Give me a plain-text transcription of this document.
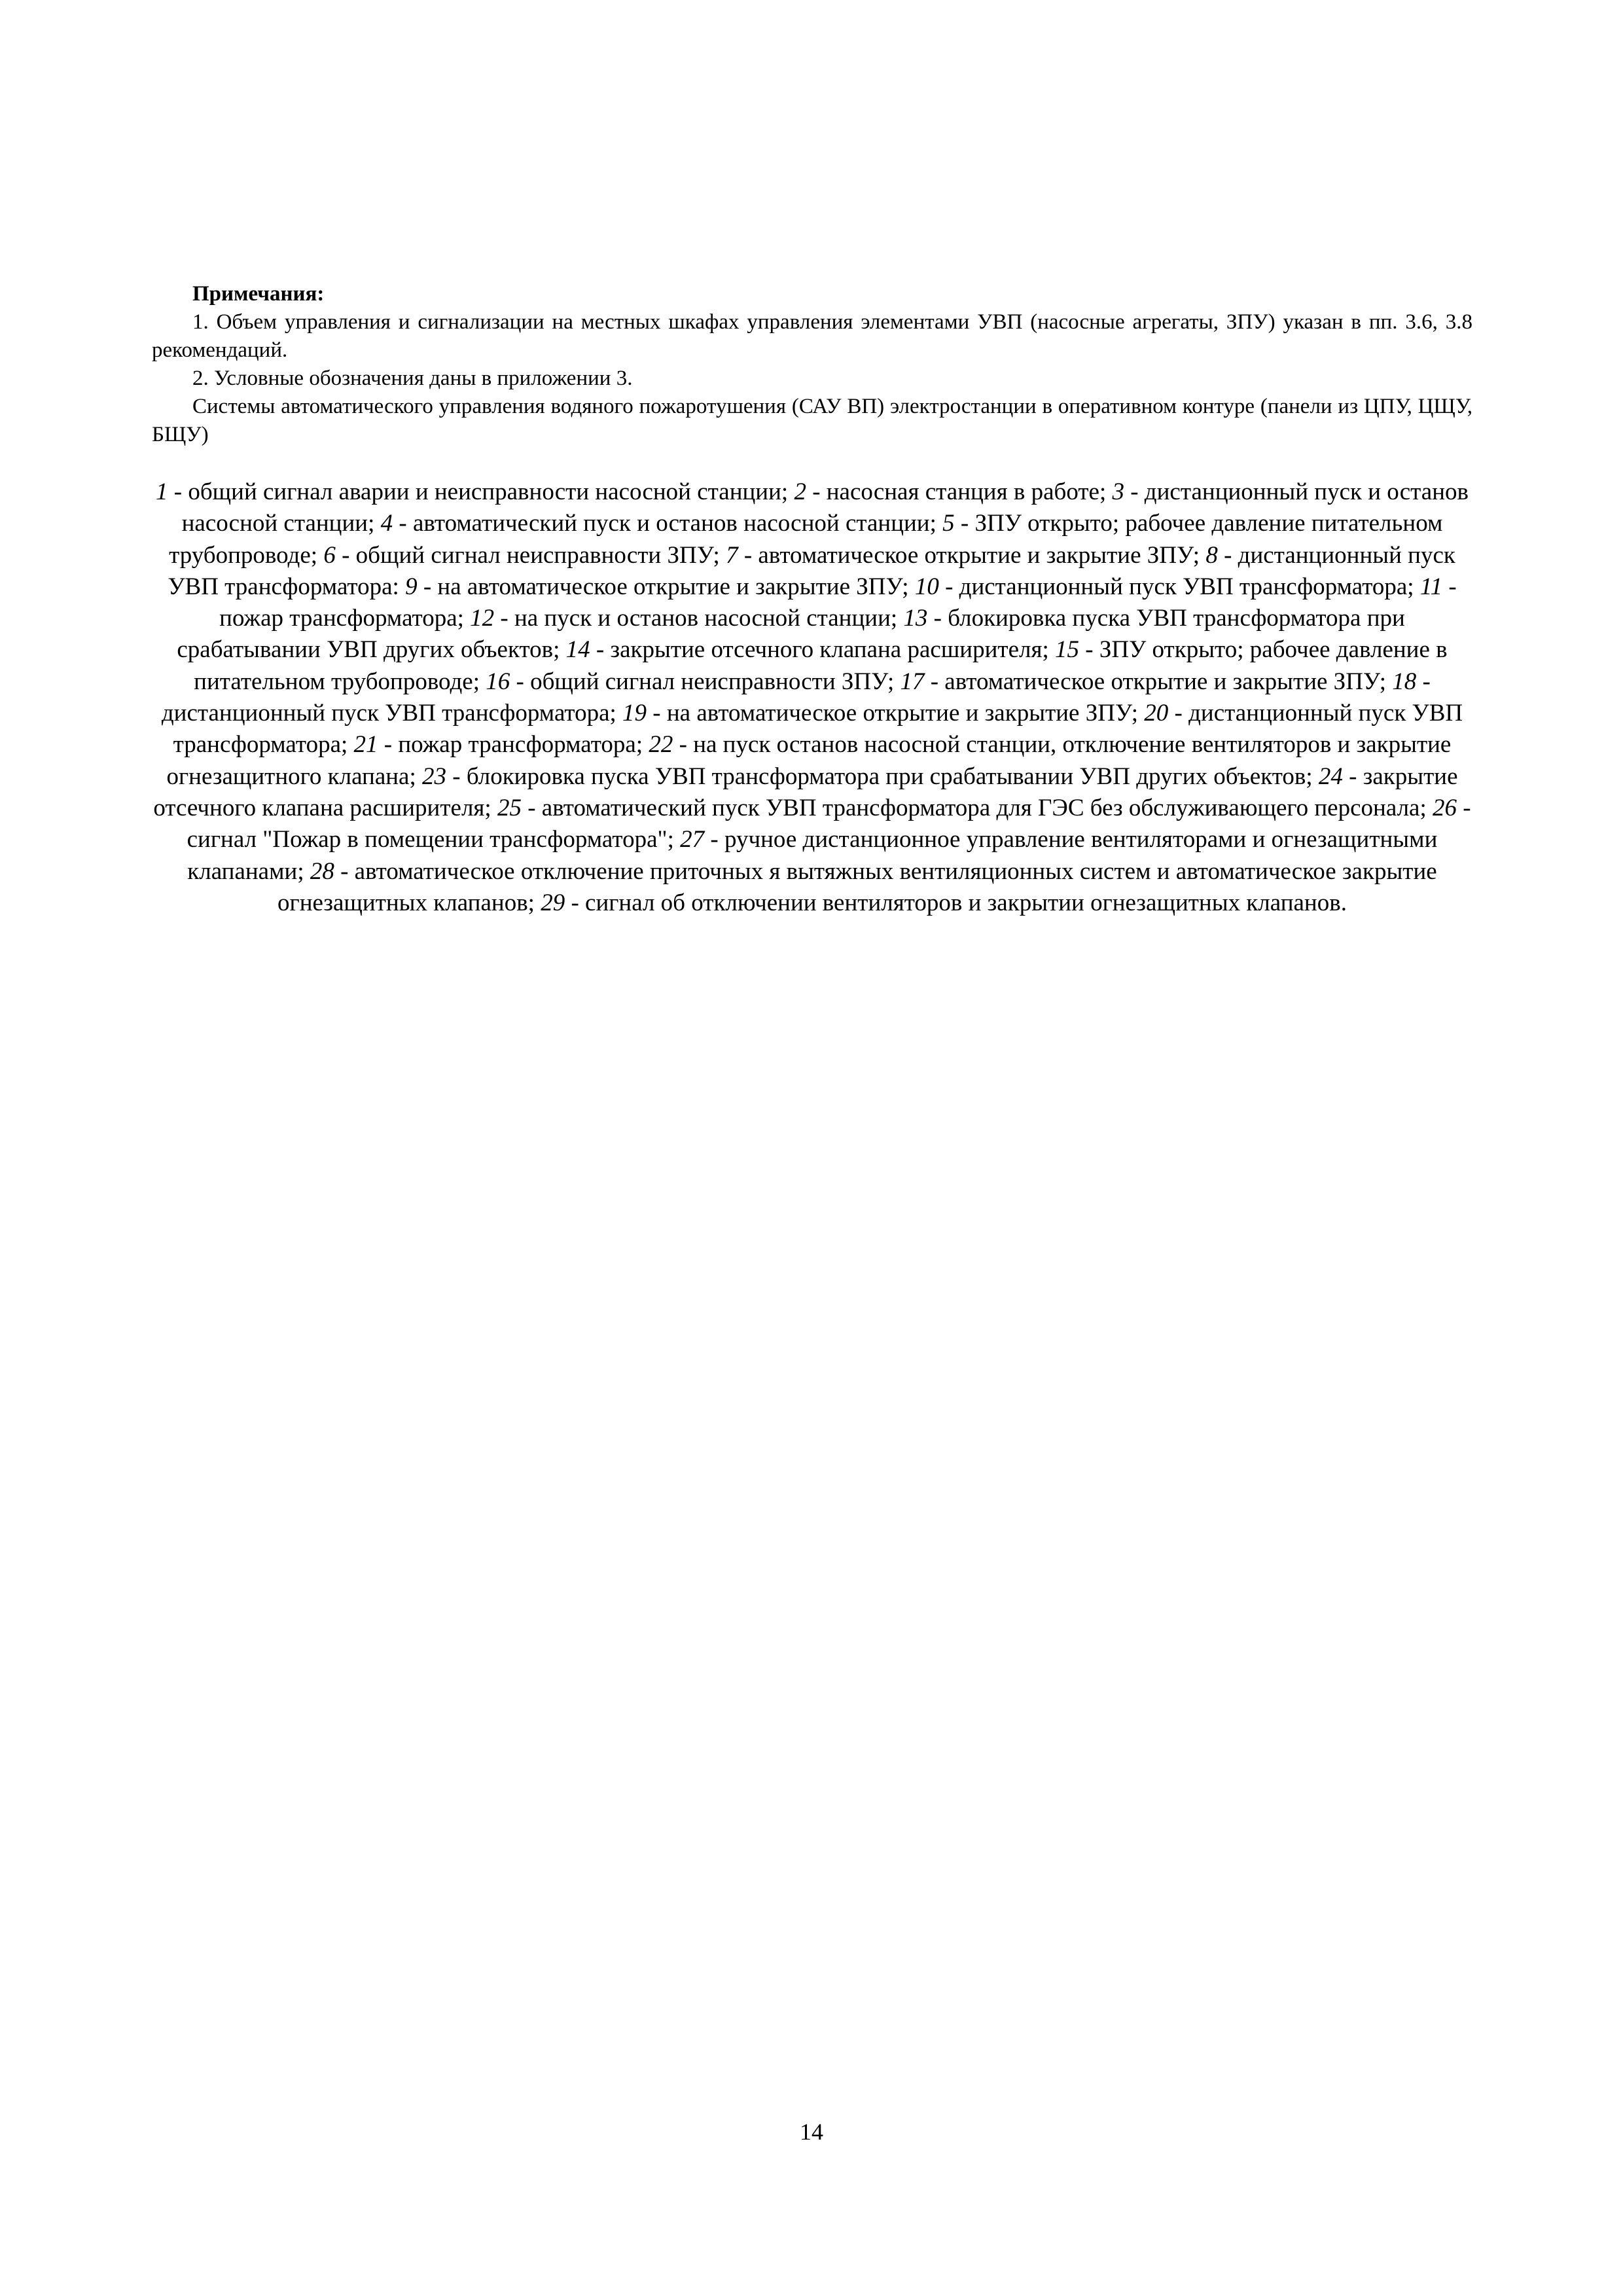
Примечания:
1. Объем управления и сигнализации на местных шкафах управления элементами УВП (насосные агрегаты, ЗПУ) указан в пп. 3.6, 3.8 рекомендаций.
2. Условные обозначения даны в приложении 3.
Системы автоматического управления водяного пожаротушения (САУ ВП) электростанции в оперативном контуре (панели из ЦПУ, ЦЩУ, БЩУ)
1 - общий сигнал аварии и неисправности насосной станции; 2 - насосная станция в работе; 3 - дистанционный пуск и останов насосной станции; 4 - автоматический пуск и останов насосной станции; 5 - ЗПУ открыто; рабочее давление питательном трубопроводе; 6 - общий сигнал неисправности ЗПУ; 7 - автоматическое открытие и закрытие ЗПУ; 8 - дистанционный пуск УВП трансформатора: 9 - на автоматическое открытие и закрытие ЗПУ; 10 - дистанционный пуск УВП трансформатора; 11 - пожар трансформатора; 12 - на пуск и останов насосной станции; 13 - блокировка пуска УВП трансформатора при срабатывании УВП других объектов; 14 - закрытие отсечного клапана расширителя; 15 - ЗПУ открыто; рабочее давление в питательном трубопроводе; 16 - общий сигнал неисправности ЗПУ; 17 - автоматическое открытие и закрытие ЗПУ; 18 - дистанционный пуск УВП трансформатора; 19 - на автоматическое открытие и закрытие ЗПУ; 20 - дистанционный пуск УВП трансформатора; 21 - пожар трансформатора; 22 - на пуск останов насосной станции, отключение вентиляторов и закрытие огнезащитного клапана; 23 - блокировка пуска УВП трансформатора при срабатывании УВП других объектов; 24 - закрытие отсечного клапана расширителя; 25 - автоматический пуск УВП трансформатора для ГЭС без обслуживающего персонала; 26 - сигнал "Пожар в помещении трансформатора"; 27 - ручное дистанционное управление вентиляторами и огнезащитными клапанами; 28 - автоматическое отключение приточных я вытяжных вентиляционных систем и автоматическое закрытие огнезащитных клапанов; 29 - сигнал об отключении вентиляторов и закрытии огнезащитных клапанов.
14
